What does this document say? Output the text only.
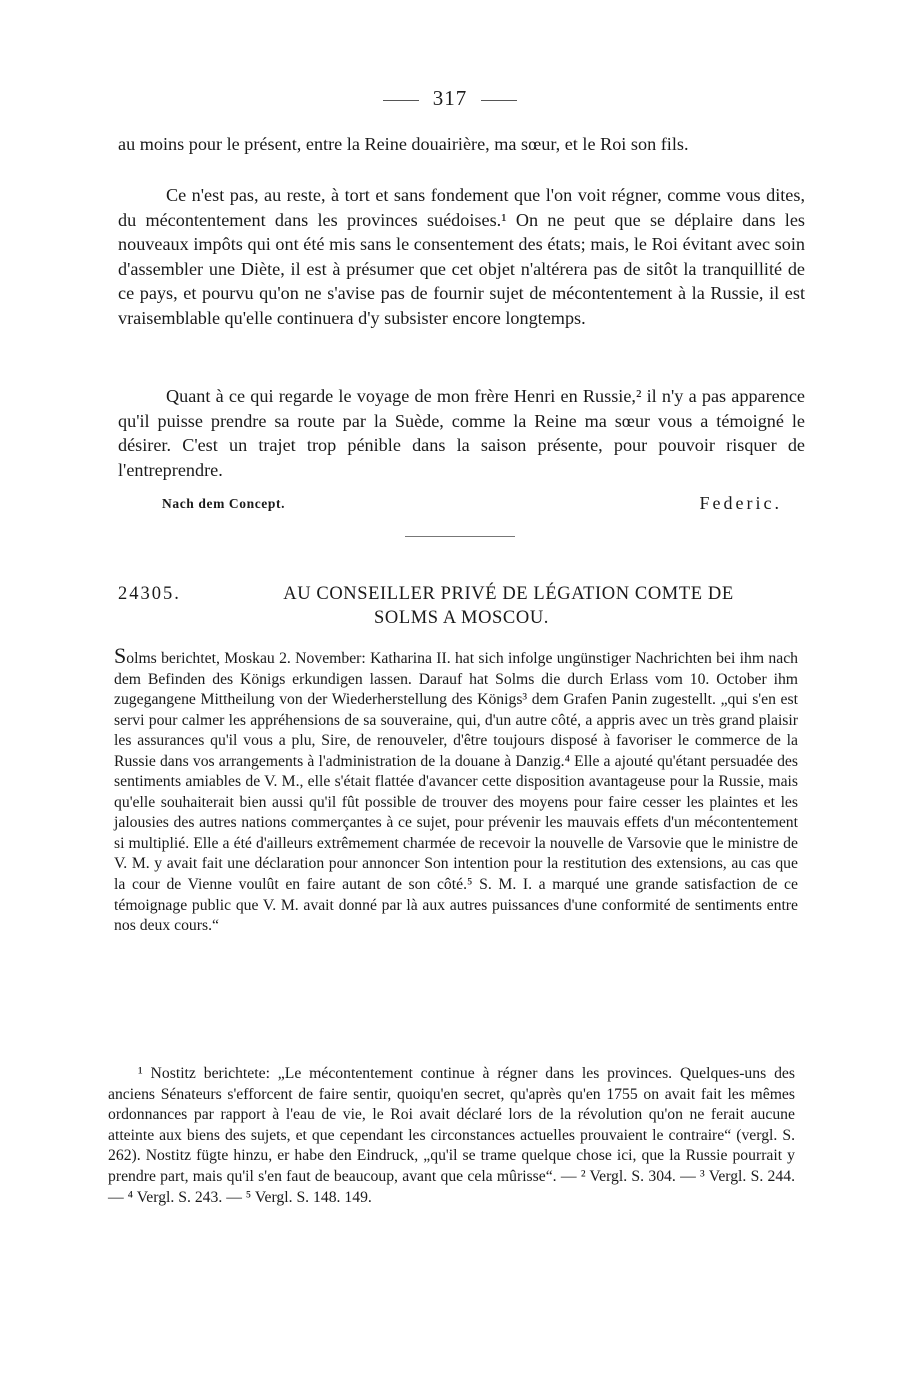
317

au moins pour le présent, entre la Reine douairière, ma sœur, et le Roi son fils.

Ce n'est pas, au reste, à tort et sans fondement que l'on voit régner, comme vous dites, du mécontentement dans les provinces suédoises.¹ On ne peut que se déplaire dans les nouveaux impôts qui ont été mis sans le consentement des états; mais, le Roi évitant avec soin d'assembler une Diète, il est à présumer que cet objet n'altérera pas de sitôt la tranquillité de ce pays, et pourvu qu'on ne s'avise pas de fournir sujet de mécontentement à la Russie, il est vraisemblable qu'elle continuera d'y subsister encore longtemps.

Quant à ce qui regarde le voyage de mon frère Henri en Russie,² il n'y a pas apparence qu'il puisse prendre sa route par la Suède, comme la Reine ma sœur vous a témoigné le désirer. C'est un trajet trop pénible dans la saison présente, pour pouvoir risquer de l'entreprendre.

Nach dem Concept.	Federic.
24305.	AU CONSEILLER PRIVÉ DE LÉGATION COMTE DE
SOLMS A MOSCOU.

Solms berichtet, Moskau 2. November: Katharina II. hat sich infolge ungünstiger Nachrichten bei ihm nach dem Befinden des Königs erkundigen lassen. Darauf hat Solms die durch Erlass vom 10. October ihm zugegangene Mittheilung von der Wiederherstellung des Königs³ dem Grafen Panin zugestellt. „qui s'en est servi pour calmer les appréhensions de sa souveraine, qui, d'un autre côté, a appris avec un très grand plaisir les assurances qu'il vous a plu, Sire, de renouveler, d'être toujours disposé à favoriser le commerce de la Russie dans vos arrangements à l'administration de la douane à Danzig.⁴ Elle a ajouté qu'étant persuadée des sentiments amiables de V. M., elle s'était flattée d'avancer cette disposition avantageuse pour la Russie, mais qu'elle souhaiterait bien aussi qu'il fût possible de trouver des moyens pour faire cesser les plaintes et les jalousies des autres nations commerçantes à ce sujet, pour prévenir les mauvais effets d'un mécontentement si multiplié. Elle a été d'ailleurs extrêmement charmée de recevoir la nouvelle de Varsovie que le ministre de V. M. y avait fait une déclaration pour annoncer Son intention pour la restitution des extensions, au cas que la cour de Vienne voulût en faire autant de son côté.⁵ S. M. I. a marqué une grande satisfaction de ce témoignage public que V. M. avait donné par là aux autres puissances d'une conformité de sentiments entre nos deux cours.“

¹ Nostitz berichtete: „Le mécontentement continue à régner dans les provinces. Quelques-uns des anciens Sénateurs s'efforcent de faire sentir, quoiqu'en secret, qu'après qu'en 1755 on avait fait les mêmes ordonnances par rapport à l'eau de vie, le Roi avait déclaré lors de la révolution qu'on ne ferait aucune atteinte aux biens des sujets, et que cependant les circonstances actuelles prouvaient le contraire“ (vergl. S. 262). Nostitz fügte hinzu, er habe den Eindruck, „qu'il se trame quelque chose ici, que la Russie pourrait y prendre part, mais qu'il s'en faut de beaucoup, avant que cela mûrisse“. — ² Vergl. S. 304. — ³ Vergl. S. 244. — ⁴ Vergl. S. 243. — ⁵ Vergl. S. 148. 149.
